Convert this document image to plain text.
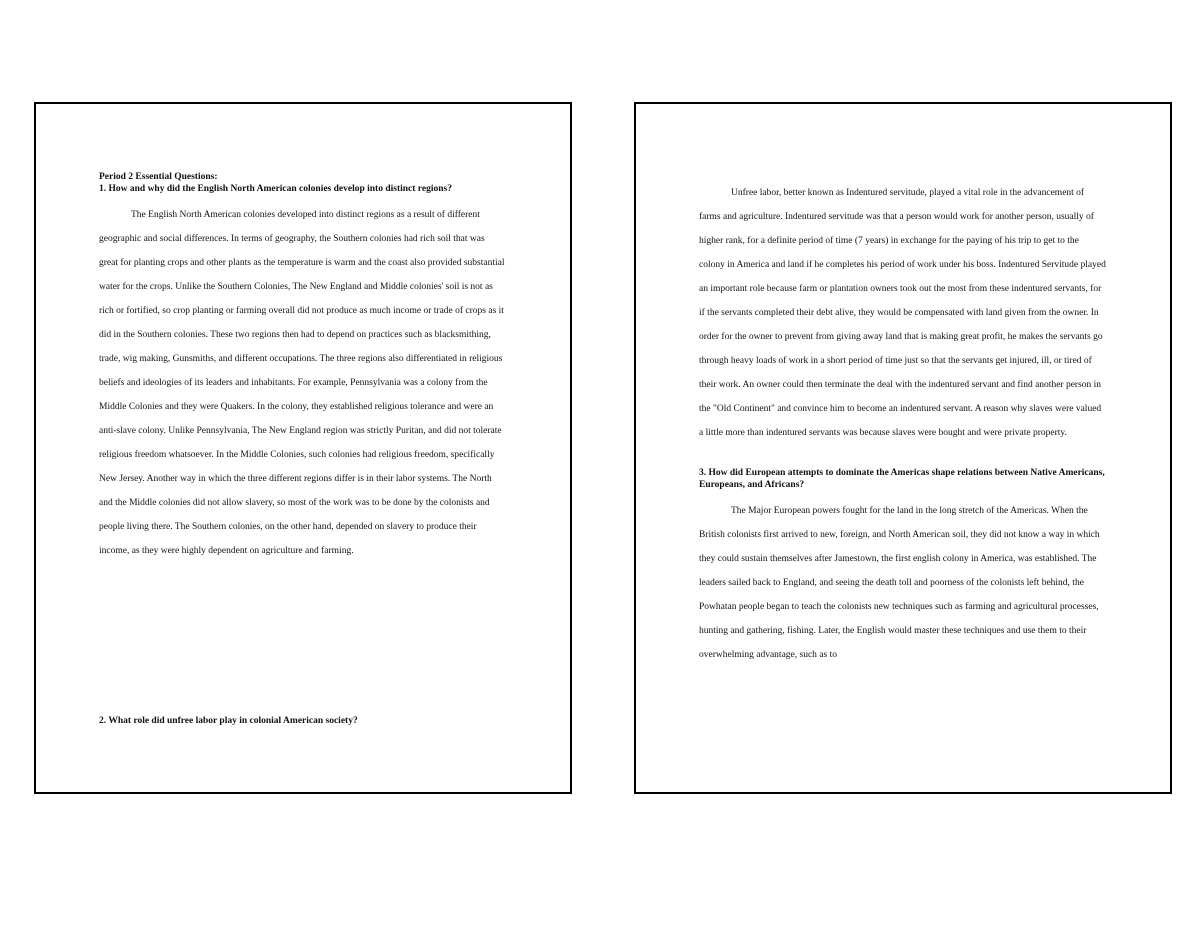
Period 2 Essential Questions:
1. How and why did the English North American colonies develop into distinct regions?

The English North American colonies developed into distinct regions as a result of different geographic and social differences. In terms of geography, the Southern colonies had rich soil that was great for planting crops and other plants as the temperature is warm and the coast also provided substantial water for the crops. Unlike the Southern Colonies, The New England and Middle colonies' soil is not as rich or fortified, so crop planting or farming overall did not produce as much income or trade of crops as it did in the Southern colonies. These two regions then had to depend on practices such as blacksmithing, trade, wig making, Gunsmiths, and different occupations. The three regions also differentiated in religious beliefs and ideologies of its leaders and inhabitants. For example, Pennsylvania was a colony from the Middle Colonies and they were Quakers. In the colony, they established religious tolerance and were an anti-slave colony. Unlike Pennsylvania, The New England region was strictly Puritan, and did not tolerate religious freedom whatsoever. In the Middle Colonies, such colonies had religious freedom, specifically New Jersey. Another way in which the three different regions differ is in their labor systems. The North and the Middle colonies did not allow slavery, so most of the work was to be done by the colonists and people living there. The Southern colonies, on the other hand, depended on slavery to produce their income, as they were highly dependent on agriculture and farming.

2. What role did unfree labor play in colonial American society?

Unfree labor, better known as Indentured servitude, played a vital role in the advancement of farms and agriculture. Indentured servitude was that a person would work for another person, usually of higher rank, for a definite period of time (7 years) in exchange for the paying of his trip to get to the colony in America and land if he completes his period of work under his boss. Indentured Servitude played an important role because farm or plantation owners took out the most from these indentured servants, for if the servants completed their debt alive, they would be compensated with land given from the owner. In order for the owner to prevent from giving away land that is making great profit, he makes the servants go through heavy loads of work in a short period of time just so that the servants get injured, ill, or tired of their work. An owner could then terminate the deal with the indentured servant and find another person in the "Old Continent" and convince him to become an indentured servant. A reason why slaves were valued a little more than indentured servants was because slaves were bought and were private property.

3. How did European attempts to dominate the Americas shape relations between Native Americans, Europeans, and Africans?

The Major European powers fought for the land in the long stretch of the Americas. When the British colonists first arrived to new, foreign, and North American soil, they did not know a way in which they could sustain themselves after Jamestown, the first english colony in America, was established. The leaders sailed back to England, and seeing the death toll and poorness of the colonists left behind, the Powhatan people began to teach the colonists new techniques such as farming and agricultural processes, hunting and gathering, fishing. Later, the English would master these techniques and use them to their overwhelming advantage, such as to
